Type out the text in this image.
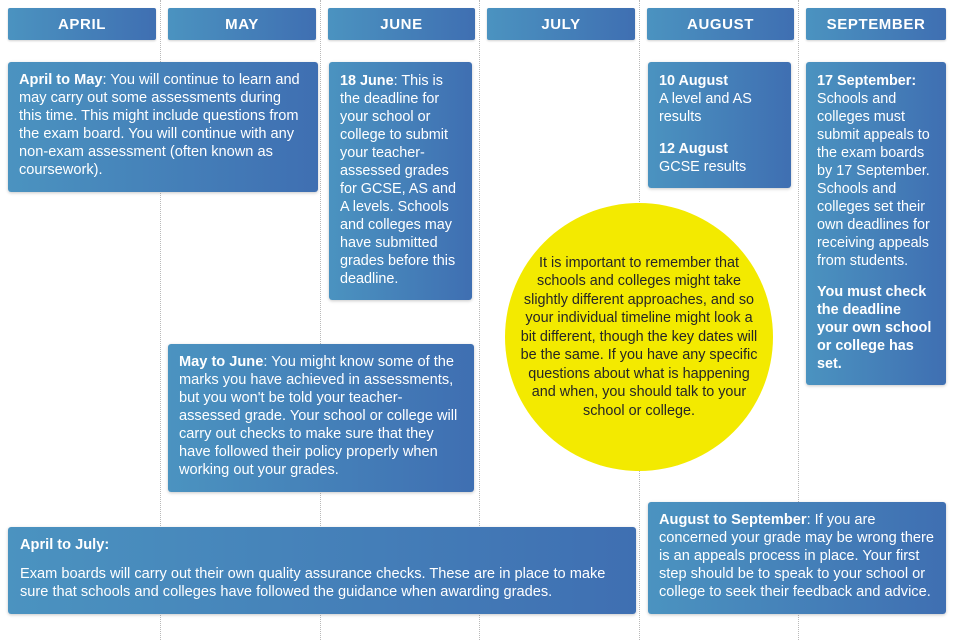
APRIL	MAY	JUNE	JULY	AUGUST	SEPTEMBER

April to May: You will continue to learn and may carry out some assessments during this time. This might include questions from the exam board. You will continue with any non-exam assessment (often known as coursework).

18 June: This is the deadline for your school or college to submit your teacher-assessed grades for GCSE, AS and A levels. Schools and colleges may have submitted grades before this deadline.

10 August
A level and AS results

12 August
GCSE results

17 September: Schools and colleges must submit appeals to the exam boards by 17 September. Schools and colleges set their own deadlines for receiving appeals from students.

You must check the deadline your own school or college has set.

May to June: You might know some of the marks you have achieved in assessments, but you won't be told your teacher-assessed grade. Your school or college will carry out checks to make sure that they have followed their policy properly when working out your grades.

April to July:

Exam boards will carry out their own quality assurance checks. These are in place to make sure that schools and colleges have followed the guidance when awarding grades.

August to September: If you are concerned your grade may be wrong there is an appeals process in place. Your first step should be to speak to your school or college to seek their feedback and advice.

It is important to remember that schools and colleges might take slightly different approaches, and so your individual timeline might look a bit different, though the key dates will be the same. If you have any specific questions about what is happening and when, you should talk to your school or college.
